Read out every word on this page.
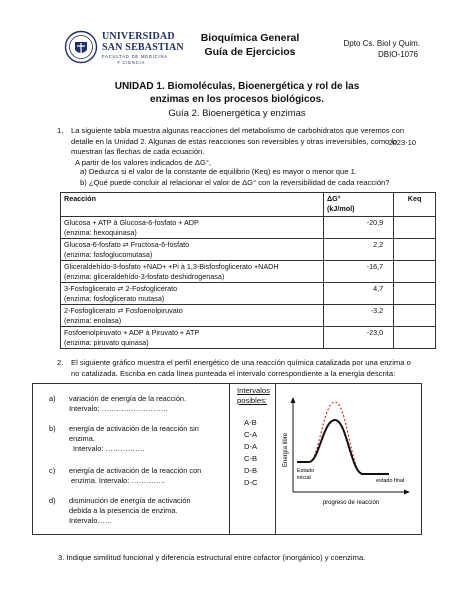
UNIVERSIDAD
SAN SEBASTIAN
FACULTAD DE MEDICINA
Y CIENCIA
Bioquímica General
Guía de Ejercicios
Dpto Cs. Biol y Quim.
DBIO-1076
UNIDAD 1. Biomoléculas, Bioenergética y rol de las
enzimas en los procesos biológicos.
Guía 2. Bioenergética y enzimas
2023-10
1. La siguiente tabla muestra algunas reacciones del metabolismo de carbohidratos que veremos con
detalle en la Unidad 2. Algunas de estas reacciones son reversibles y otras irreversibles, como lo
muestran las flechas de cada ecuación.
A partir de los valores indicados de ΔG°,
a) Deduzca si el valor de la constante de equilibrio (Keq) es mayor o menor que 1.
b) ¿Qué puede concluir al relacionar el valor de ΔG° con la reversibilidad de cada reacción?
Reacción	ΔG°
(kJ/mol)	Keq

Glucosa + ATP à Glucosa-6-fosfato + ADP
(enzima: hexoquinasa)	-20,9	

Glucosa-6-fosfato ⇄ Fructosa-6-fosfato
(enzima: fosfoglucomutasa)	2,2	

Gliceraldehído-3-fosfato +NAD+ +Pi à 1,3-Bisfosfoglicerato +NADH
(enzima: gliceraldehído-3-fosfato deshidrogenasa)	-16,7	

3-Fosfoglicerato ⇄ 2-Fosfoglicerato
(enzima: fosfoglicerato mutasa)	4,7	

2-Fosfoglicerato ⇄ Fosfoenolpiruvato
(enzima: enolasa)	-3,2	

Fosfoenolpiruvato + ADP à Piruvato + ATP
(enzima: piruvato quinasa)	-23,0	
2. El siguiente gráfico muestra el perfil energético de una reacción química catalizada por una enzima o
no catalizada. Escriba en cada línea punteada el intervalo correspondiente a la energía descrita:
a) variación de energía de la reacción.
Intervalo: ………………………
b) energía de activación de la reacción sin
enzima.
Intervalo: …………….
c) energía de activación de la reacción con
enzima. Intervalo: …………..
d) disminución de energía de activación
debida a la presencia de enzima.
Intervalo……
Intervalos
posibles:
A-B
C-A
D-A
C-B
D-B
D-C
Energía libre
progreso de reacción
Estado
inicial	estado final
3. Indique similitud funcional y diferencia estructural entre cofactor (inorgánico) y coenzima.
